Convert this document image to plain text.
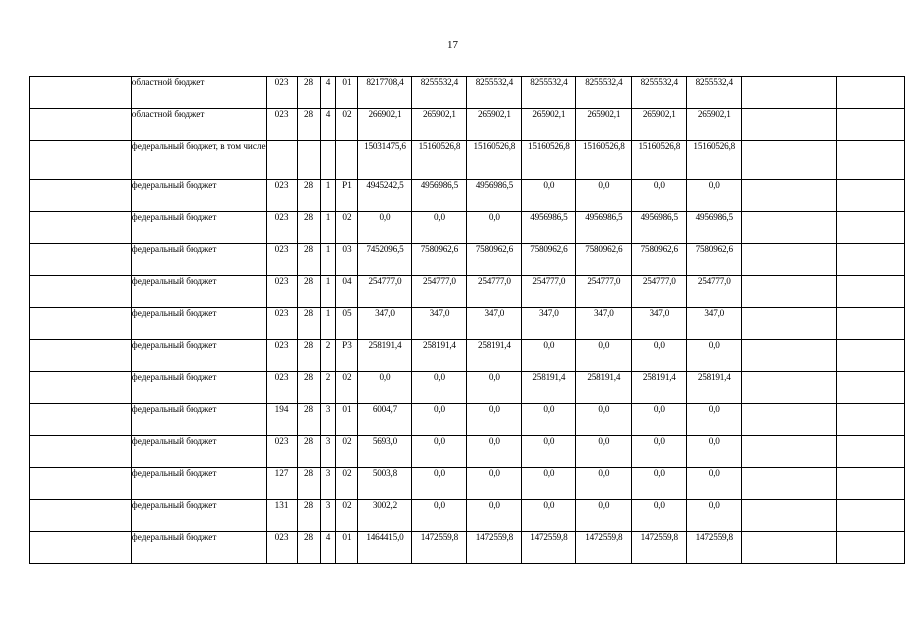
17
	областной бюджет	023	28	4	01	8217708,4	8255532,4	8255532,4	8255532,4	8255532,4	8255532,4	8255532,4		
	областной бюджет	023	28	4	02	266902,1	265902,1	265902,1	265902,1	265902,1	265902,1	265902,1		
	федеральный бюджет, в том числе					15031475,6	15160526,8	15160526,8	15160526,8	15160526,8	15160526,8	15160526,8		
	федеральный бюджет	023	28	1	P1	4945242,5	4956986,5	4956986,5	0,0	0,0	0,0	0,0		
	федеральный бюджет	023	28	1	02	0,0	0,0	0,0	4956986,5	4956986,5	4956986,5	4956986,5		
	федеральный бюджет	023	28	1	03	7452096,5	7580962,6	7580962,6	7580962,6	7580962,6	7580962,6	7580962,6		
	федеральный бюджет	023	28	1	04	254777,0	254777,0	254777,0	254777,0	254777,0	254777,0	254777,0		
	федеральный бюджет	023	28	1	05	347,0	347,0	347,0	347,0	347,0	347,0	347,0		
	федеральный бюджет	023	28	2	P3	258191,4	258191,4	258191,4	0,0	0,0	0,0	0,0		
	федеральный бюджет	023	28	2	02	0,0	0,0	0,0	258191,4	258191,4	258191,4	258191,4		
	федеральный бюджет	194	28	3	01	6004,7	0,0	0,0	0,0	0,0	0,0	0,0		
	федеральный бюджет	023	28	3	02	5693,0	0,0	0,0	0,0	0,0	0,0	0,0		
	федеральный бюджет	127	28	3	02	5003,8	0,0	0,0	0,0	0,0	0,0	0,0		
	федеральный бюджет	131	28	3	02	3002,2	0,0	0,0	0,0	0,0	0,0	0,0		
	федеральный бюджет	023	28	4	01	1464415,0	1472559,8	1472559,8	1472559,8	1472559,8	1472559,8	1472559,8		
